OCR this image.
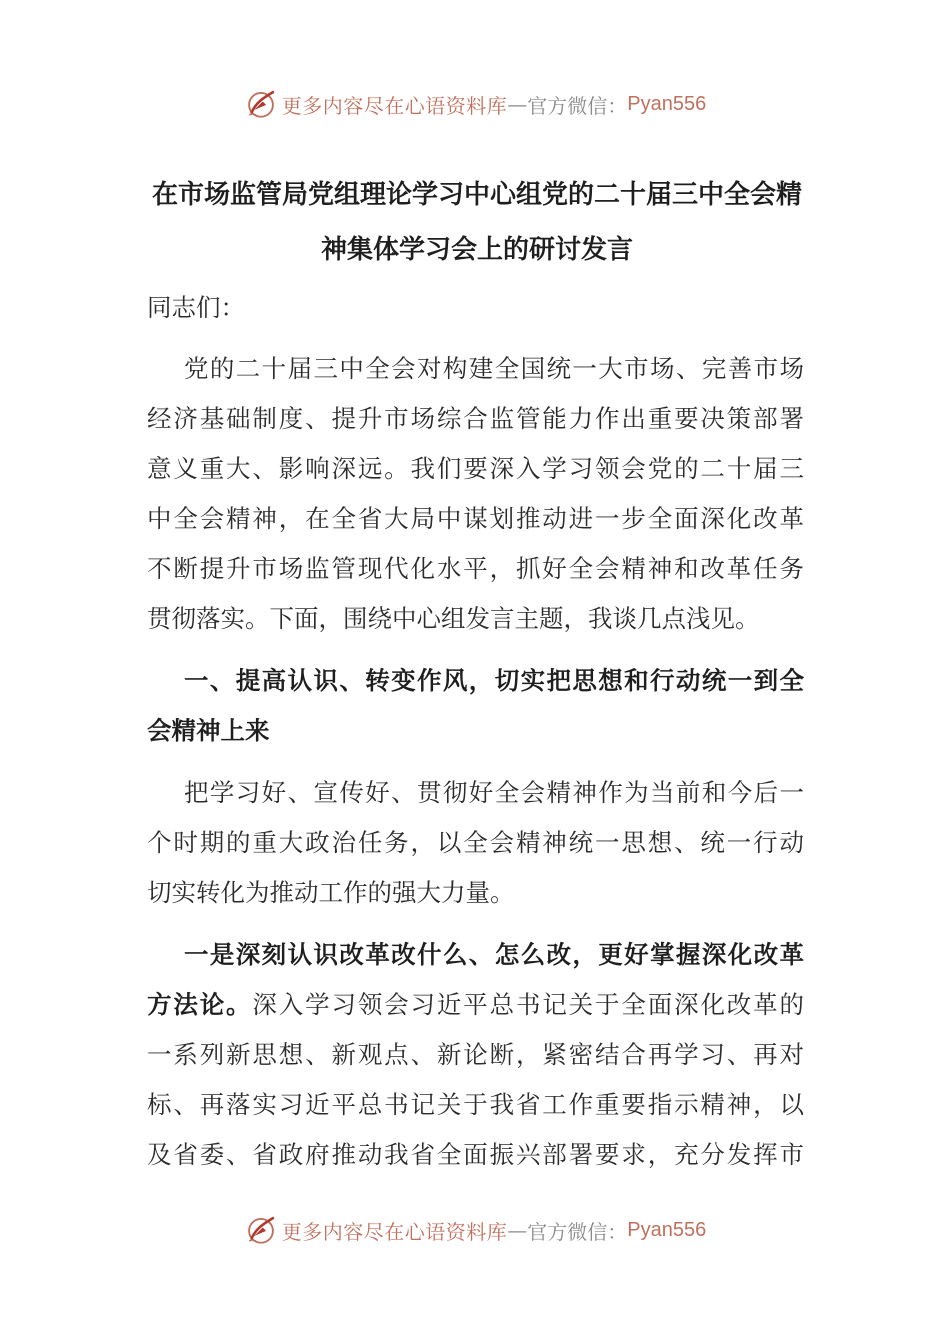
更多内容尽在心语资料库 — 官方微信： Pyan556
在市场监管局党组理论学习中心组党的二十届三中全会精
神集体学习会上的研讨发言
同志们：
党的二十届三中全会对构建全国统一大市场、完善市场
经济基础制度、提升市场综合监管能力作出重要决策部署
意义重大、影响深远。我们要深入学习领会党的二十届三
中全会精神，在全省大局中谋划推动进一步全面深化改革
不断提升市场监管现代化水平，抓好全会精神和改革任务
贯彻落实。下面，围绕中心组发言主题，我谈几点浅见。
一、提高认识、转变作风，切实把思想和行动统一到全
会精神上来
把学习好、宣传好、贯彻好全会精神作为当前和今后一
个时期的重大政治任务，以全会精神统一思想、统一行动
切实转化为推动工作的强大力量。
一是深刻认识改革改什么、怎么改，更好掌握深化改革
方法论。深入学习领会习近平总书记关于全面深化改革的
一系列新思想、新观点、新论断，紧密结合再学习、再对
标、再落实习近平总书记关于我省工作重要指示精神，以
及省委、省政府推动我省全面振兴部署要求，充分发挥市
更多内容尽在心语资料库 — 官方微信： Pyan556
